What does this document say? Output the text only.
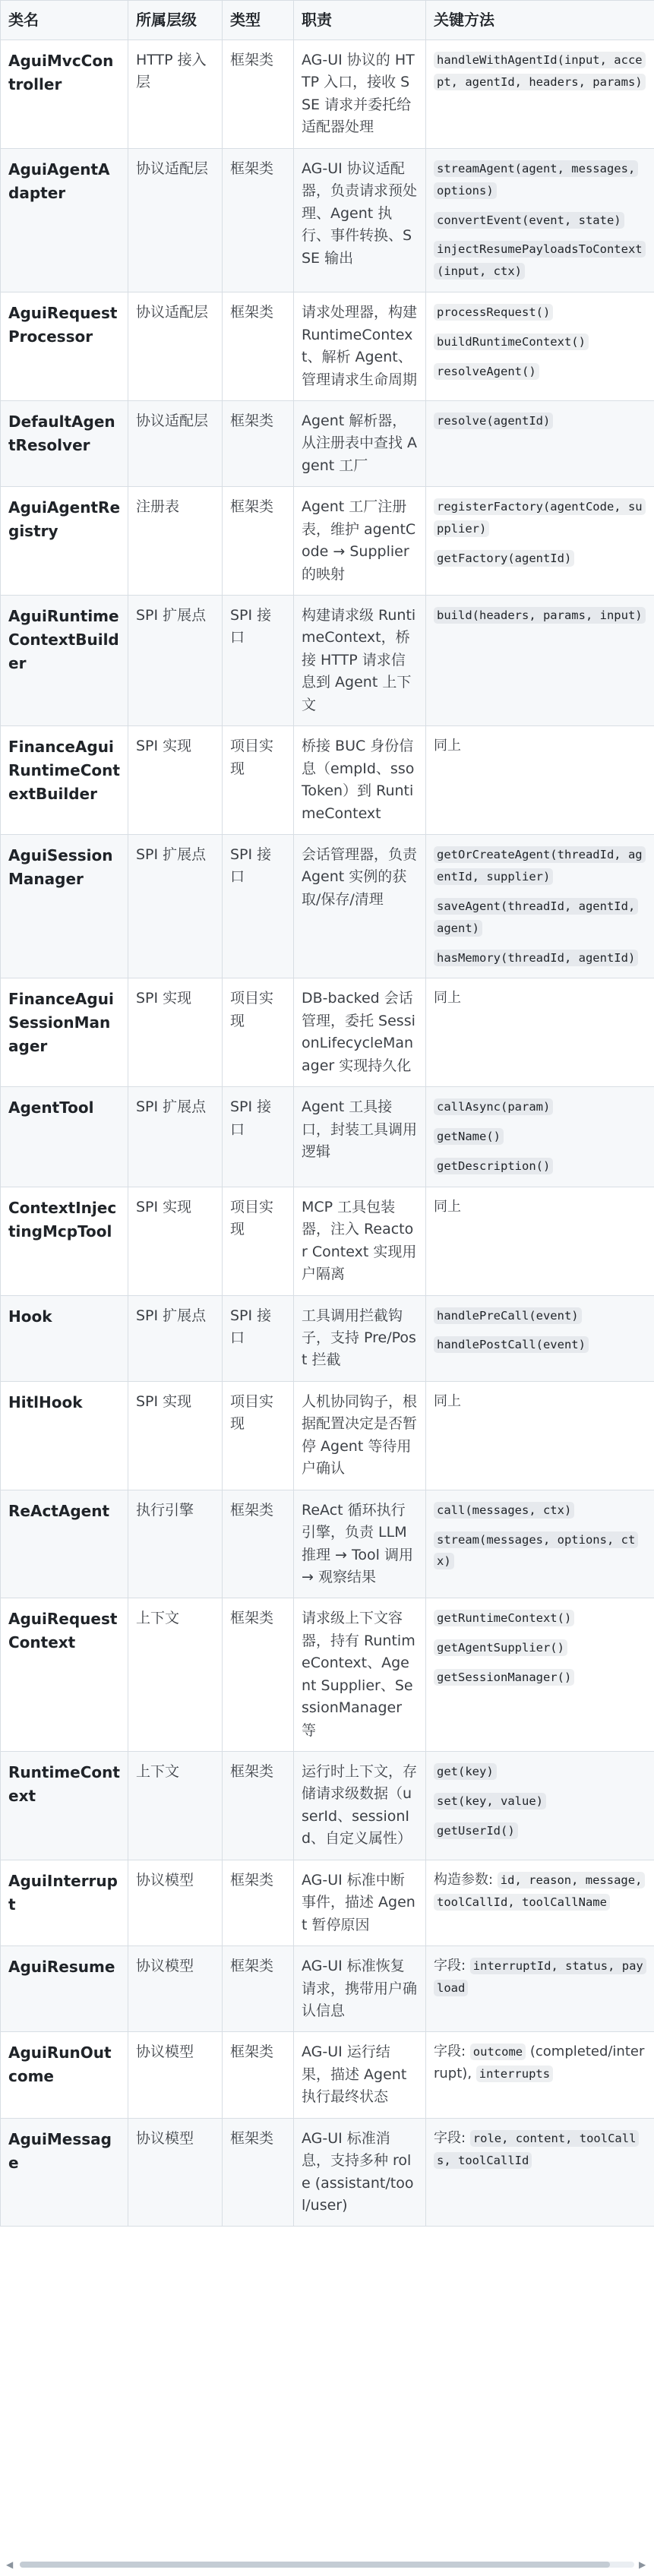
类名	所属层级	类型	职责	关键方法
AguiMvcController	HTTP 接入层	框架类	AG-UI 协议的 HTTP 入口，接收 SSE 请求并委托给适配器处理	handleWithAgentId(input, accept, agentId, headers, params)

AguiAgentAdapter	协议适配层	框架类	AG-UI 协议适配器，负责请求预处理、Agent 执行、事件转换、SSE 输出	streamAgent(agent, messages, options)
convertEvent(event, state)
injectResumePayloadsToContext(input, ctx)

AguiRequestProcessor	协议适配层	框架类	请求处理器，构建 RuntimeContext、解析 Agent、管理请求生命周期	processRequest()
buildRuntimeContext()
resolveAgent()

DefaultAgentResolver	协议适配层	框架类	Agent 解析器，从注册表中查找 Agent 工厂	resolve(agentId)

AguiAgentRegistry	注册表	框架类	Agent 工厂注册表，维护 agentCode → Supplier 的映射	registerFactory(agentCode, supplier)
getFactory(agentId)

AguiRuntimeContextBuilder	SPI 扩展点	SPI 接口	构建请求级 RuntimeContext，桥接 HTTP 请求信息到 Agent 上下文	build(headers, params, input)

FinanceAguiRuntimeContextBuilder	SPI 实现	项目实现	桥接 BUC 身份信息（empId、ssoToken）到 RuntimeContext	同上
AguiSessionManager	SPI 扩展点	SPI 接口	会话管理器，负责 Agent 实例的获取/保存/清理	getOrCreateAgent(threadId, agentId, supplier)
saveAgent(threadId, agentId, agent)
hasMemory(threadId, agentId)

FinanceAguiSessionManager	SPI 实现	项目实现	DB-backed 会话管理，委托 SessionLifecycleManager 实现持久化	同上
AgentTool	SPI 扩展点	SPI 接口	Agent 工具接口，封装工具调用逻辑	callAsync(param)
getName()
getDescription()

ContextInjectingMcpTool	SPI 实现	项目实现	MCP 工具包装器，注入 Reactor Context 实现用户隔离	同上
Hook	SPI 扩展点	SPI 接口	工具调用拦截钩子，支持 Pre/Post 拦截	handlePreCall(event)
handlePostCall(event)

HitlHook	SPI 实现	项目实现	人机协同钩子，根据配置决定是否暂停 Agent 等待用户确认	同上
ReActAgent	执行引擎	框架类	ReAct 循环执行引擎，负责 LLM 推理 → Tool 调用 → 观察结果	call(messages, ctx)
stream(messages, options, ctx)

AguiRequestContext	上下文	框架类	请求级上下文容器，持有 RuntimeContext、Agent Supplier、SessionManager 等	getRuntimeContext()
getAgentSupplier()
getSessionManager()

RuntimeContext	上下文	框架类	运行时上下文，存储请求级数据（userId、sessionId、自定义属性）	get(key)
set(key, value)
getUserId()

AguiInterrupt	协议模型	框架类	AG-UI 标准中断事件，描述 Agent 暂停原因	构造参数: id, reason, message, toolCallId, toolCallName

AguiResume	协议模型	框架类	AG-UI 标准恢复请求，携带用户确认信息	字段: interruptId, status, payload

AguiRunOutcome	协议模型	框架类	AG-UI 运行结果，描述 Agent 执行最终状态	字段: outcome (completed/interrupt), interrupts

AguiMessage	协议模型	框架类	AG-UI 标准消息，支持多种 role (assistant/tool/user)	字段: role, content, toolCalls, toolCallId
◀	▶
